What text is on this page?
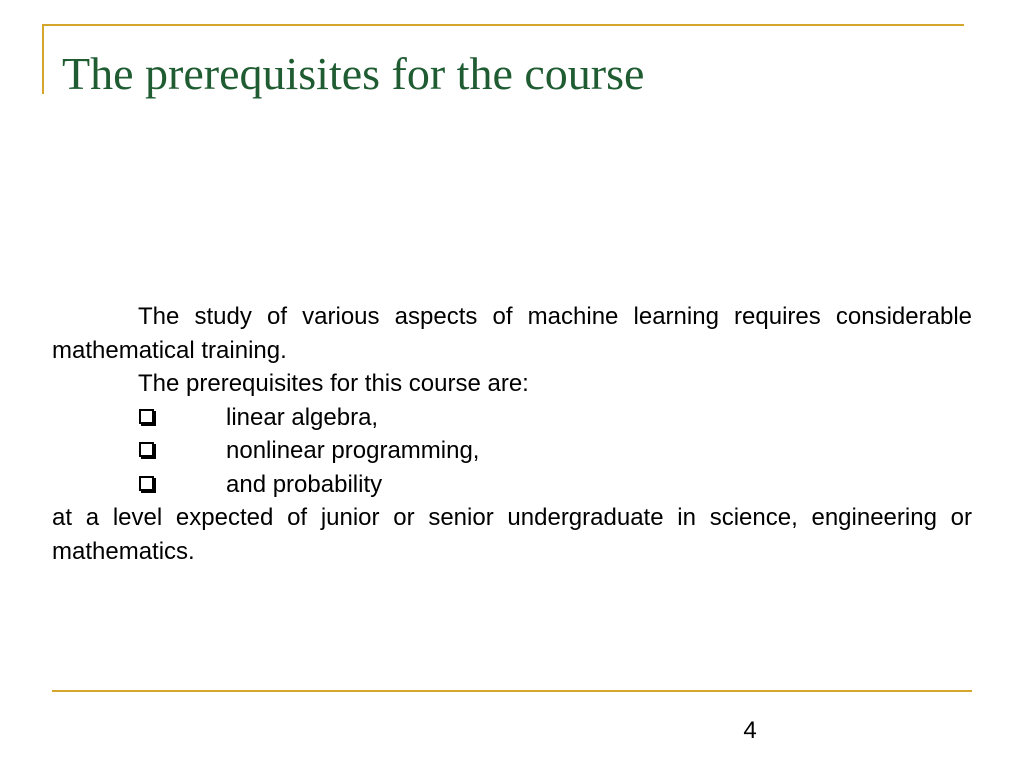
The prerequisites for the course

The study of various aspects of machine learning requires considerable mathematical training.

The prerequisites for this course are:

linear algebra,
nonlinear programming,
and probability

at a level expected of junior or senior undergraduate in science, engineering or mathematics.

4
